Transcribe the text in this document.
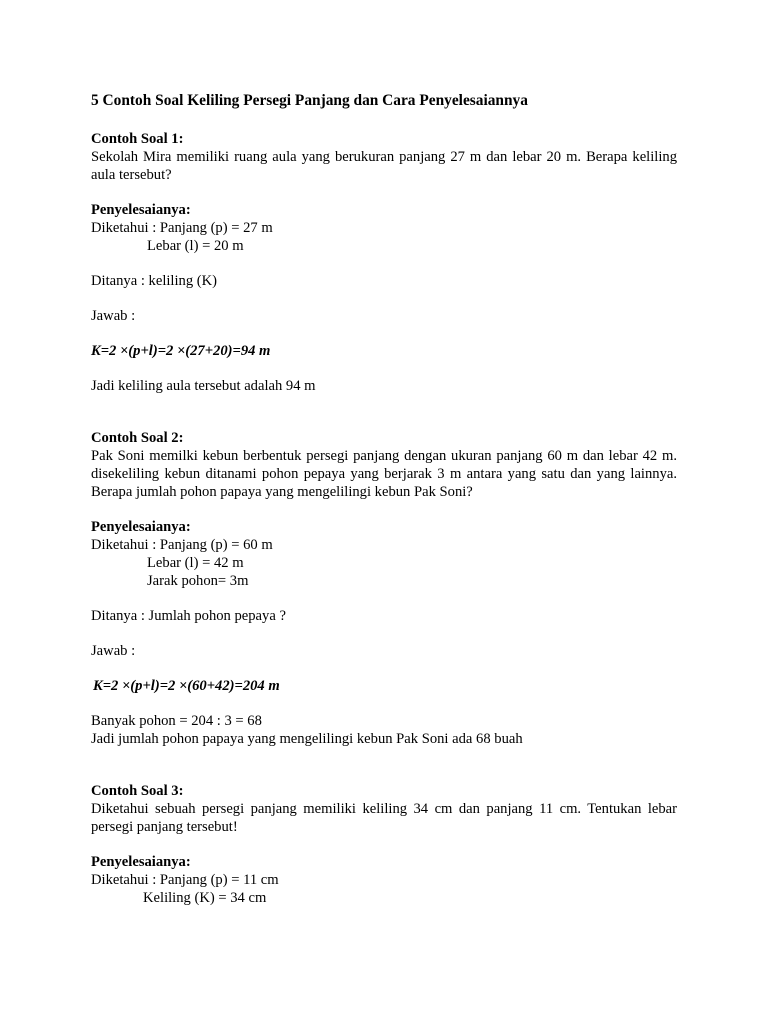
5 Contoh Soal Keliling Persegi Panjang dan Cara Penyelesaiannya

Contoh Soal 1:

Sekolah Mira memiliki ruang aula yang berukuran panjang 27 m dan lebar 20 m. Berapa keliling aula tersebut?

Penyelesaianya:

Diketahui : Panjang (p) = 27 m

Lebar (l) = 20 m

Ditanya : keliling (K)

Jawab :

K=2 ×(p+l)=2 ×(27+20)=94 m

Jadi keliling aula tersebut adalah 94 m

Contoh Soal 2:

Pak Soni memilki kebun berbentuk persegi panjang dengan ukuran panjang 60 m dan lebar 42 m. disekeliling kebun ditanami pohon pepaya yang berjarak 3 m antara yang satu dan yang lainnya. Berapa jumlah pohon papaya yang mengelilingi kebun Pak Soni?

Penyelesaianya:

Diketahui : Panjang (p) = 60 m

Lebar (l) = 42 m

Jarak pohon= 3m

Ditanya : Jumlah pohon pepaya ?

Jawab :

K=2 ×(p+l)=2 ×(60+42)=204 m

Banyak pohon = 204 : 3 = 68

Jadi jumlah pohon papaya yang mengelilingi kebun Pak Soni ada 68 buah

Contoh Soal 3:

Diketahui sebuah persegi panjang memiliki keliling 34 cm dan panjang 11 cm. Tentukan lebar persegi panjang tersebut!

Penyelesaianya:

Diketahui : Panjang (p) = 11 cm

Keliling (K) = 34 cm
